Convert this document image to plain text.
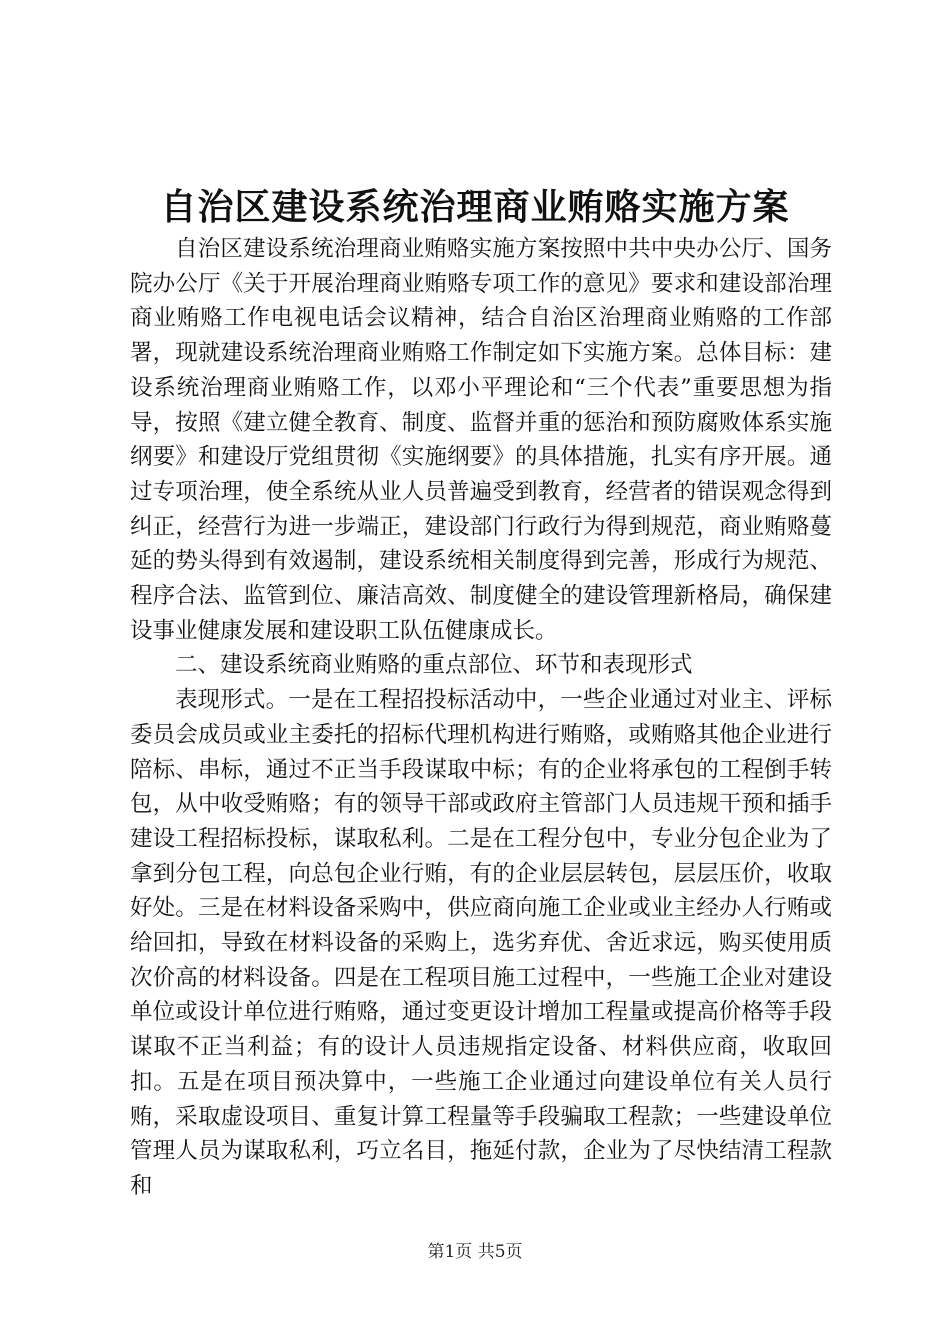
自治区建设系统治理商业贿赂实施方案

自治区建设系统治理商业贿赂实施方案按照中共中央办公厅、国务院办公厅《关于开展治理商业贿赂专项工作的意见》要求和建设部治理商业贿赂工作电视电话会议精神，结合自治区治理商业贿赂的工作部署，现就建设系统治理商业贿赂工作制定如下实施方案。总体目标：建设系统治理商业贿赂工作，以邓小平理论和“三个代表”重要思想为指导，按照《建立健全教育、制度、监督并重的惩治和预防腐败体系实施纲要》和建设厅党组贯彻《实施纲要》的具体措施，扎实有序开展。通过专项治理，使全系统从业人员普遍受到教育，经营者的错误观念得到纠正，经营行为进一步端正，建设部门行政行为得到规范，商业贿赂蔓延的势头得到有效遏制，建设系统相关制度得到完善，形成行为规范、程序合法、监管到位、廉洁高效、制度健全的建设管理新格局，确保建设事业健康发展和建设职工队伍健康成长。

二、建设系统商业贿赂的重点部位、环节和表现形式

表现形式。一是在工程招投标活动中，一些企业通过对业主、评标委员会成员或业主委托的招标代理机构进行贿赂，或贿赂其他企业进行陪标、串标，通过不正当手段谋取中标；有的企业将承包的工程倒手转包，从中收受贿赂；有的领导干部或政府主管部门人员违规干预和插手建设工程招标投标，谋取私利。二是在工程分包中，专业分包企业为了拿到分包工程，向总包企业行贿，有的企业层层转包，层层压价，收取好处。三是在材料设备采购中，供应商向施工企业或业主经办人行贿或给回扣，导致在材料设备的采购上，选劣弃优、舍近求远，购买使用质次价高的材料设备。四是在工程项目施工过程中，一些施工企业对建设单位或设计单位进行贿赂，通过变更设计增加工程量或提高价格等手段谋取不正当利益；有的设计人员违规指定设备、材料供应商，收取回扣。五是在项目预决算中，一些施工企业通过向建设单位有关人员行贿，采取虚设项目、重复计算工程量等手段骗取工程款；一些建设单位管理人员为谋取私利，巧立名目，拖延付款，企业为了尽快结清工程款和

第1页 共5页
